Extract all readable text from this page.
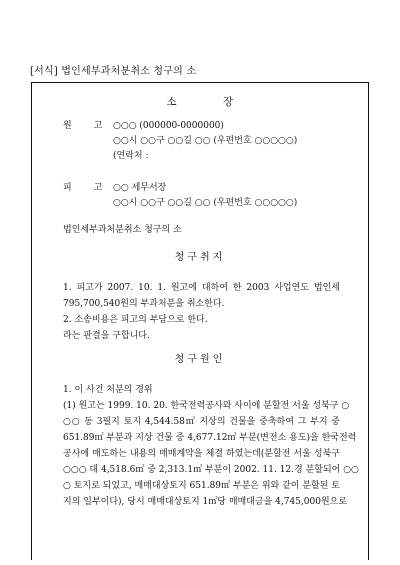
[서식] 법인세부과처분취소 청구의 소
소	장
원 고 ○○○ (000000-0000000)
○○시 ○○구 ○○길 ○○ (우편번호 ○○○○○)
(연락처 :
피 고 ○○ 세무서장
○○시 ○○구 ○○길 ○○ (우편번호 ○○○○○)
법인세부과처분취소 청구의 소
청구취지
1. 피고가 2007. 10. 1. 원고에 대하여 한 2003 사업연도 법인세
795,700,540원의 부과처분을 취소한다.
2. 소송비용은 피고의 부담으로 한다.
라는 판결을 구합니다.
청구원인
1. 이 사건 처분의 경위
(1) 원고는 1999. 10. 20. 한국전력공사와 사이에 분할전 서울 성북구 ○
○○ 동 3필지 토지 4,544.58㎡ 지상의 건물을 중축하여 그 부지 중
651.89㎡ 부분과 지상 건물 중 4,677.12㎡ 부분(변전소 용도)을 한국전력
공사에 매도하는 내용의 매매계약을 체결 하였는데(분할전 서울 성북구
○○○ 대 4,518.6㎡ 중 2,313.1㎡ 부분이 2002. 11. 12.경 분할되어 ○○
○ 토지로 되었고, 매매대상토지 651.89㎡ 부분은 위와 같이 분할된 토
지의 일부이다), 당시 매매대상토지 1㎡당 매매대금을 4,745,000원으로
